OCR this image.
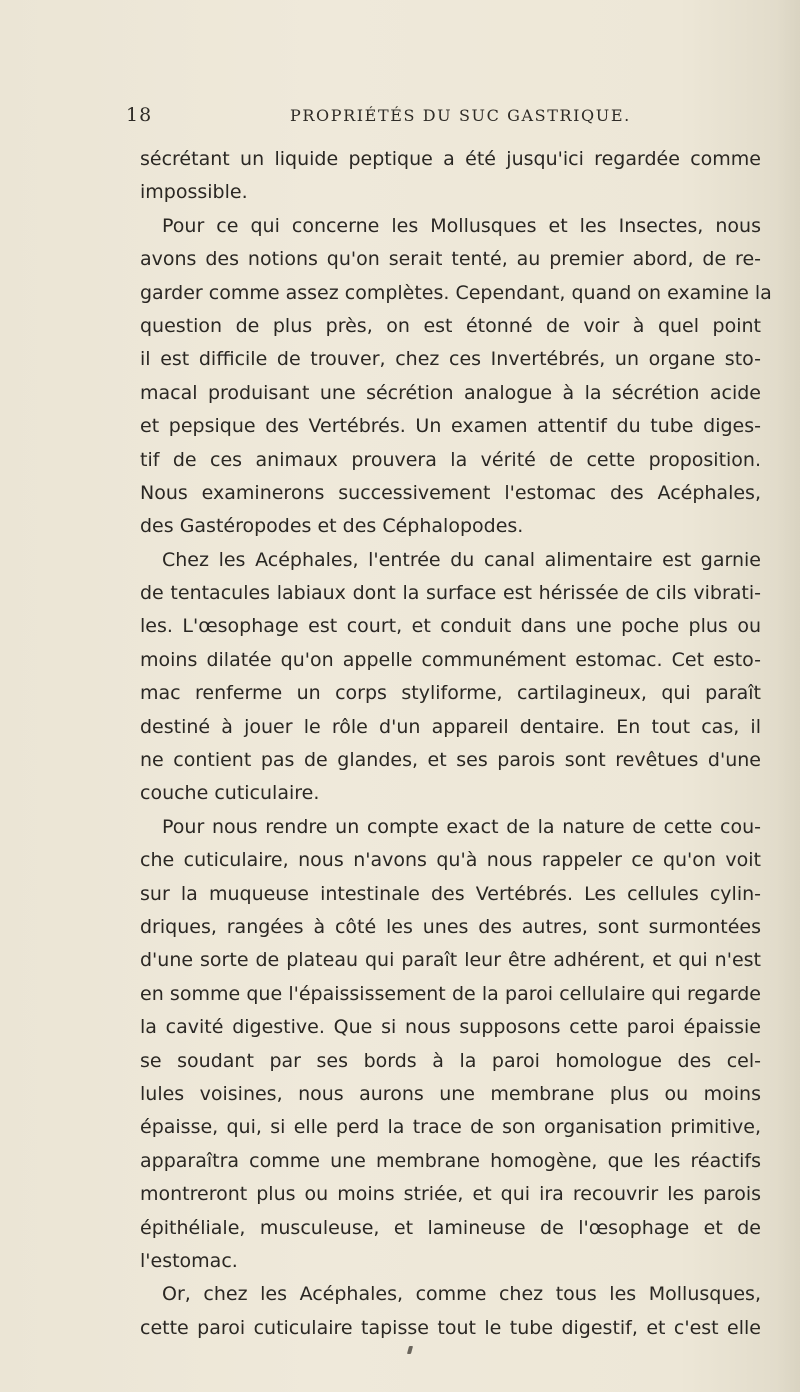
18	PROPRIÉTÉS DU SUC GASTRIQUE.
sécrétant un liquide peptique a été jusqu'ici regardée comme
impossible.
Pour ce qui concerne les Mollusques et les Insectes, nous
avons des notions qu'on serait tenté, au premier abord, de re-
garder comme assez complètes. Cependant, quand on examine la
question de plus près, on est étonné de voir à quel point
il est difficile de trouver, chez ces Invertébrés, un organe sto-
macal produisant une sécrétion analogue à la sécrétion acide
et pepsique des Vertébrés. Un examen attentif du tube diges-
tif de ces animaux prouvera la vérité de cette proposition.
Nous examinerons successivement l'estomac des Acéphales,
des Gastéropodes et des Céphalopodes.
Chez les Acéphales, l'entrée du canal alimentaire est garnie
de tentacules labiaux dont la surface est hérissée de cils vibrati-
les. L'œsophage est court, et conduit dans une poche plus ou
moins dilatée qu'on appelle communément estomac. Cet esto-
mac renferme un corps styliforme, cartilagineux, qui paraît
destiné à jouer le rôle d'un appareil dentaire. En tout cas, il
ne contient pas de glandes, et ses parois sont revêtues d'une
couche cuticulaire.
Pour nous rendre un compte exact de la nature de cette cou-
che cuticulaire, nous n'avons qu'à nous rappeler ce qu'on voit
sur la muqueuse intestinale des Vertébrés. Les cellules cylin-
driques, rangées à côté les unes des autres, sont surmontées
d'une sorte de plateau qui paraît leur être adhérent, et qui n'est
en somme que l'épaississement de la paroi cellulaire qui regarde
la cavité digestive. Que si nous supposons cette paroi épaissie
se soudant par ses bords à la paroi homologue des cel-
lules voisines, nous aurons une membrane plus ou moins
épaisse, qui, si elle perd la trace de son organisation primitive,
apparaîtra comme une membrane homogène, que les réactifs
montreront plus ou moins striée, et qui ira recouvrir les parois
épithéliale, musculeuse, et lamineuse de l'œsophage et de
l'estomac.
Or, chez les Acéphales, comme chez tous les Mollusques,
cette paroi cuticulaire tapisse tout le tube digestif, et c'est elle
